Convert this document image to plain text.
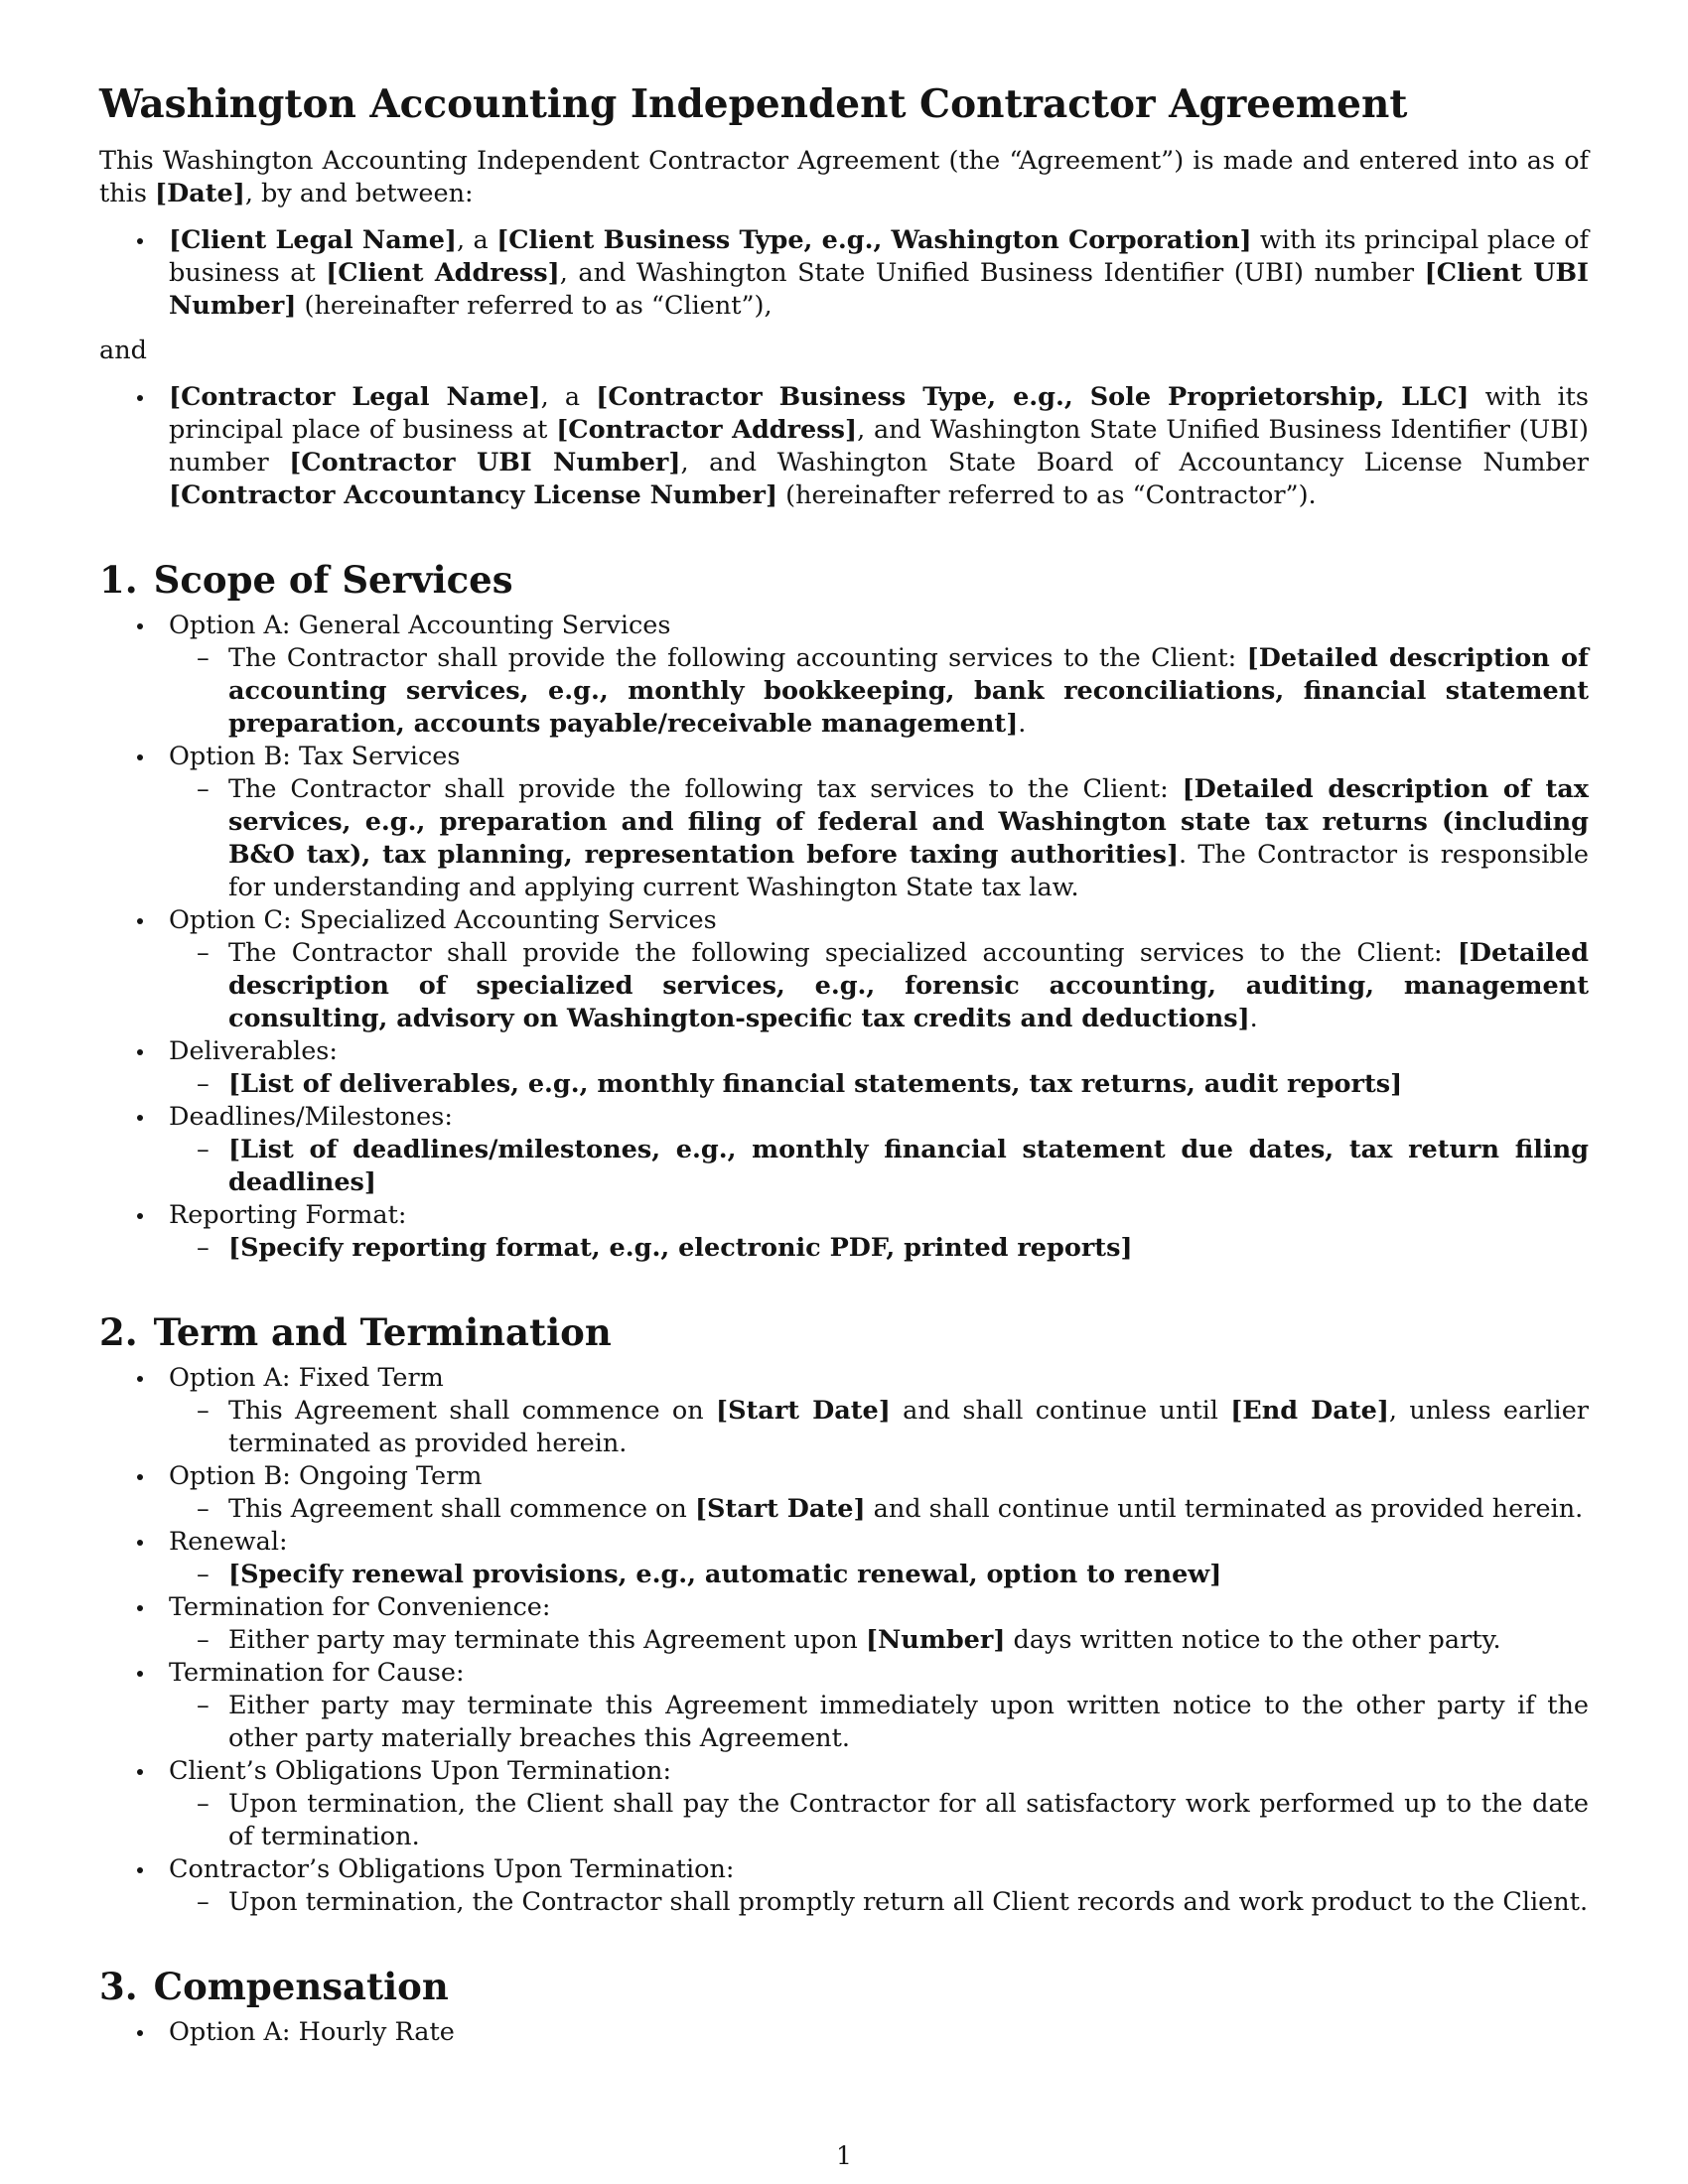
Washington Accounting Independent Contractor Agreement

This Washington Accounting Independent Contractor Agreement (the “Agreement”) is made and entered into as of this [Date], by and between:

[Client Legal Name], a [Client Business Type, e.g., Washington Corporation] with its principal place of business at [Client Address], and Washington State Unified Business Identifier (UBI) number [Client UBI Number] (hereinafter referred to as “Client”),

and

[Contractor Legal Name], a [Contractor Business Type, e.g., Sole Proprietorship, LLC] with its principal place of business at [Contractor Address], and Washington State Unified Business Identifier (UBI) number [Contractor UBI Number], and Washington State Board of Accountancy License Number [Contractor Accountancy License Number] (hereinafter referred to as “Contractor”).
1. Scope of Services
Option A: General Accounting Services
– The Contractor shall provide the following accounting services to the Client: [Detailed description of accounting services, e.g., monthly bookkeeping, bank reconciliations, financial statement preparation, accounts payable/receivable management].
Option B: Tax Services
– The Contractor shall provide the following tax services to the Client: [Detailed description of tax services, e.g., preparation and filing of federal and Washington state tax returns (including B&O tax), tax planning, representation before taxing authorities]. The Contractor is responsible for understanding and applying current Washington State tax law.
Option C: Specialized Accounting Services
– The Contractor shall provide the following specialized accounting services to the Client: [Detailed description of specialized services, e.g., forensic accounting, auditing, management consulting, advisory on Washington-specific tax credits and deductions].
Deliverables:
– [List of deliverables, e.g., monthly financial statements, tax returns, audit reports]
Deadlines/Milestones:
– [List of deadlines/milestones, e.g., monthly financial statement due dates, tax return filing deadlines]
Reporting Format:
– [Specify reporting format, e.g., electronic PDF, printed reports]
2. Term and Termination
Option A: Fixed Term
– This Agreement shall commence on [Start Date] and shall continue until [End Date], unless earlier terminated as provided herein.
Option B: Ongoing Term
– This Agreement shall commence on [Start Date] and shall continue until terminated as provided herein.
Renewal:
– [Specify renewal provisions, e.g., automatic renewal, option to renew]
Termination for Convenience:
– Either party may terminate this Agreement upon [Number] days written notice to the other party.
Termination for Cause:
– Either party may terminate this Agreement immediately upon written notice to the other party if the other party materially breaches this Agreement.
Client’s Obligations Upon Termination:
– Upon termination, the Client shall pay the Contractor for all satisfactory work performed up to the date of termination.
Contractor’s Obligations Upon Termination:
– Upon termination, the Contractor shall promptly return all Client records and work product to the Client.
3. Compensation
Option A: Hourly Rate
1
